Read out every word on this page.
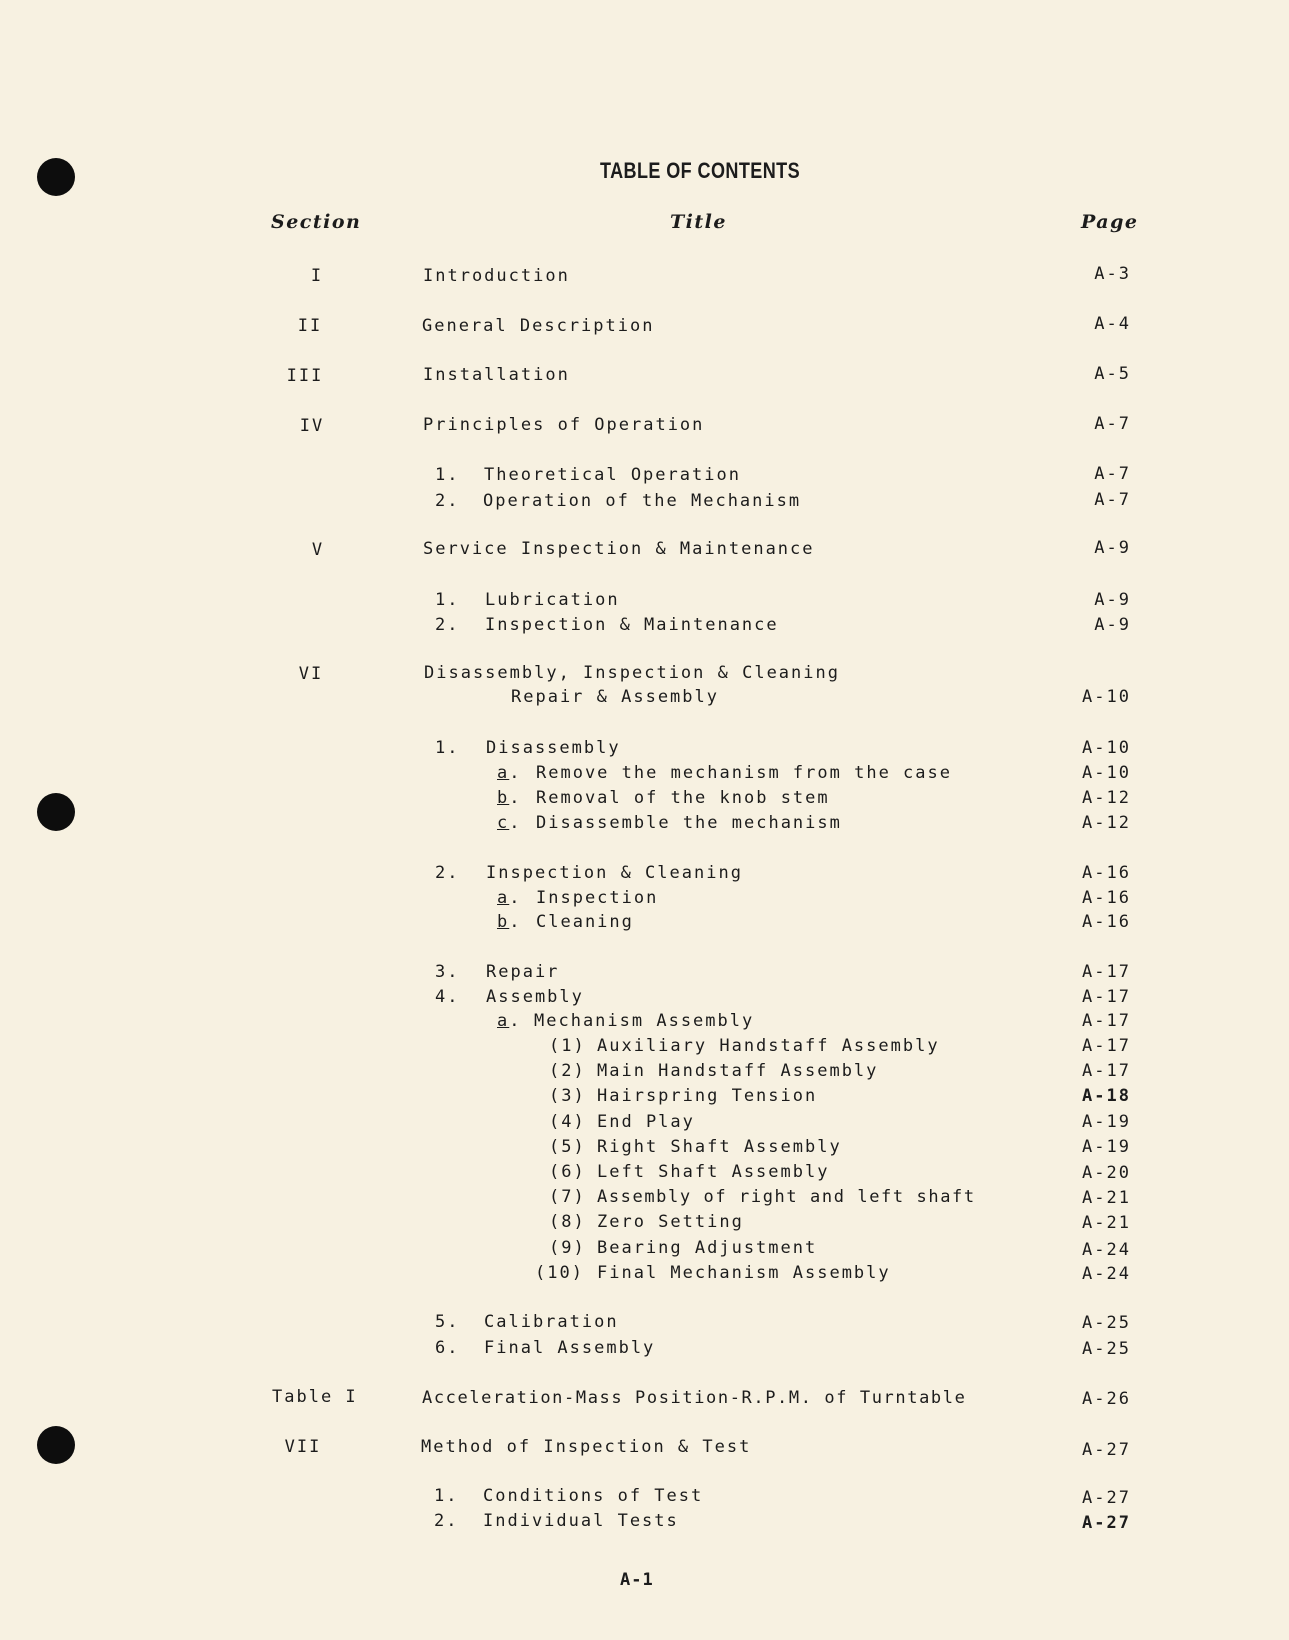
TABLE OF CONTENTS
Section	Title	Page
I	Introduction	A-3
II	General Description	A-4
III	Installation	A-5
IV	Principles of Operation	A-7
1. Theoretical Operation	A-7
2. Operation of the Mechanism	A-7
V	Service Inspection & Maintenance	A-9
1. Lubrication	A-9
2. Inspection & Maintenance	A-9
VI	Disassembly, Inspection & Cleaning
Repair & Assembly	A-10
1. Disassembly	A-10
a. Remove the mechanism from the case	A-10
b. Removal of the knob stem	A-12
c. Disassemble the mechanism	A-12
2. Inspection & Cleaning	A-16
a. Inspection	A-16
b. Cleaning	A-16
3. Repair	A-17
4. Assembly	A-17
a. Mechanism Assembly	A-17
(1) Auxiliary Handstaff Assembly	A-17
(2) Main Handstaff Assembly	A-17
(3) Hairspring Tension	A-18
(4) End Play	A-19
(5) Right Shaft Assembly	A-19
(6) Left Shaft Assembly	A-20
(7) Assembly of right and left shaft	A-21
(8) Zero Setting	A-21
(9) Bearing Adjustment	A-24
(10) Final Mechanism Assembly	A-24
5. Calibration	A-25
6. Final Assembly	A-25
Table I	Acceleration-Mass Position-R.P.M. of Turntable	A-26
VII	Method of Inspection & Test	A-27
1. Conditions of Test	A-27
2. Individual Tests	A-27
A-1
